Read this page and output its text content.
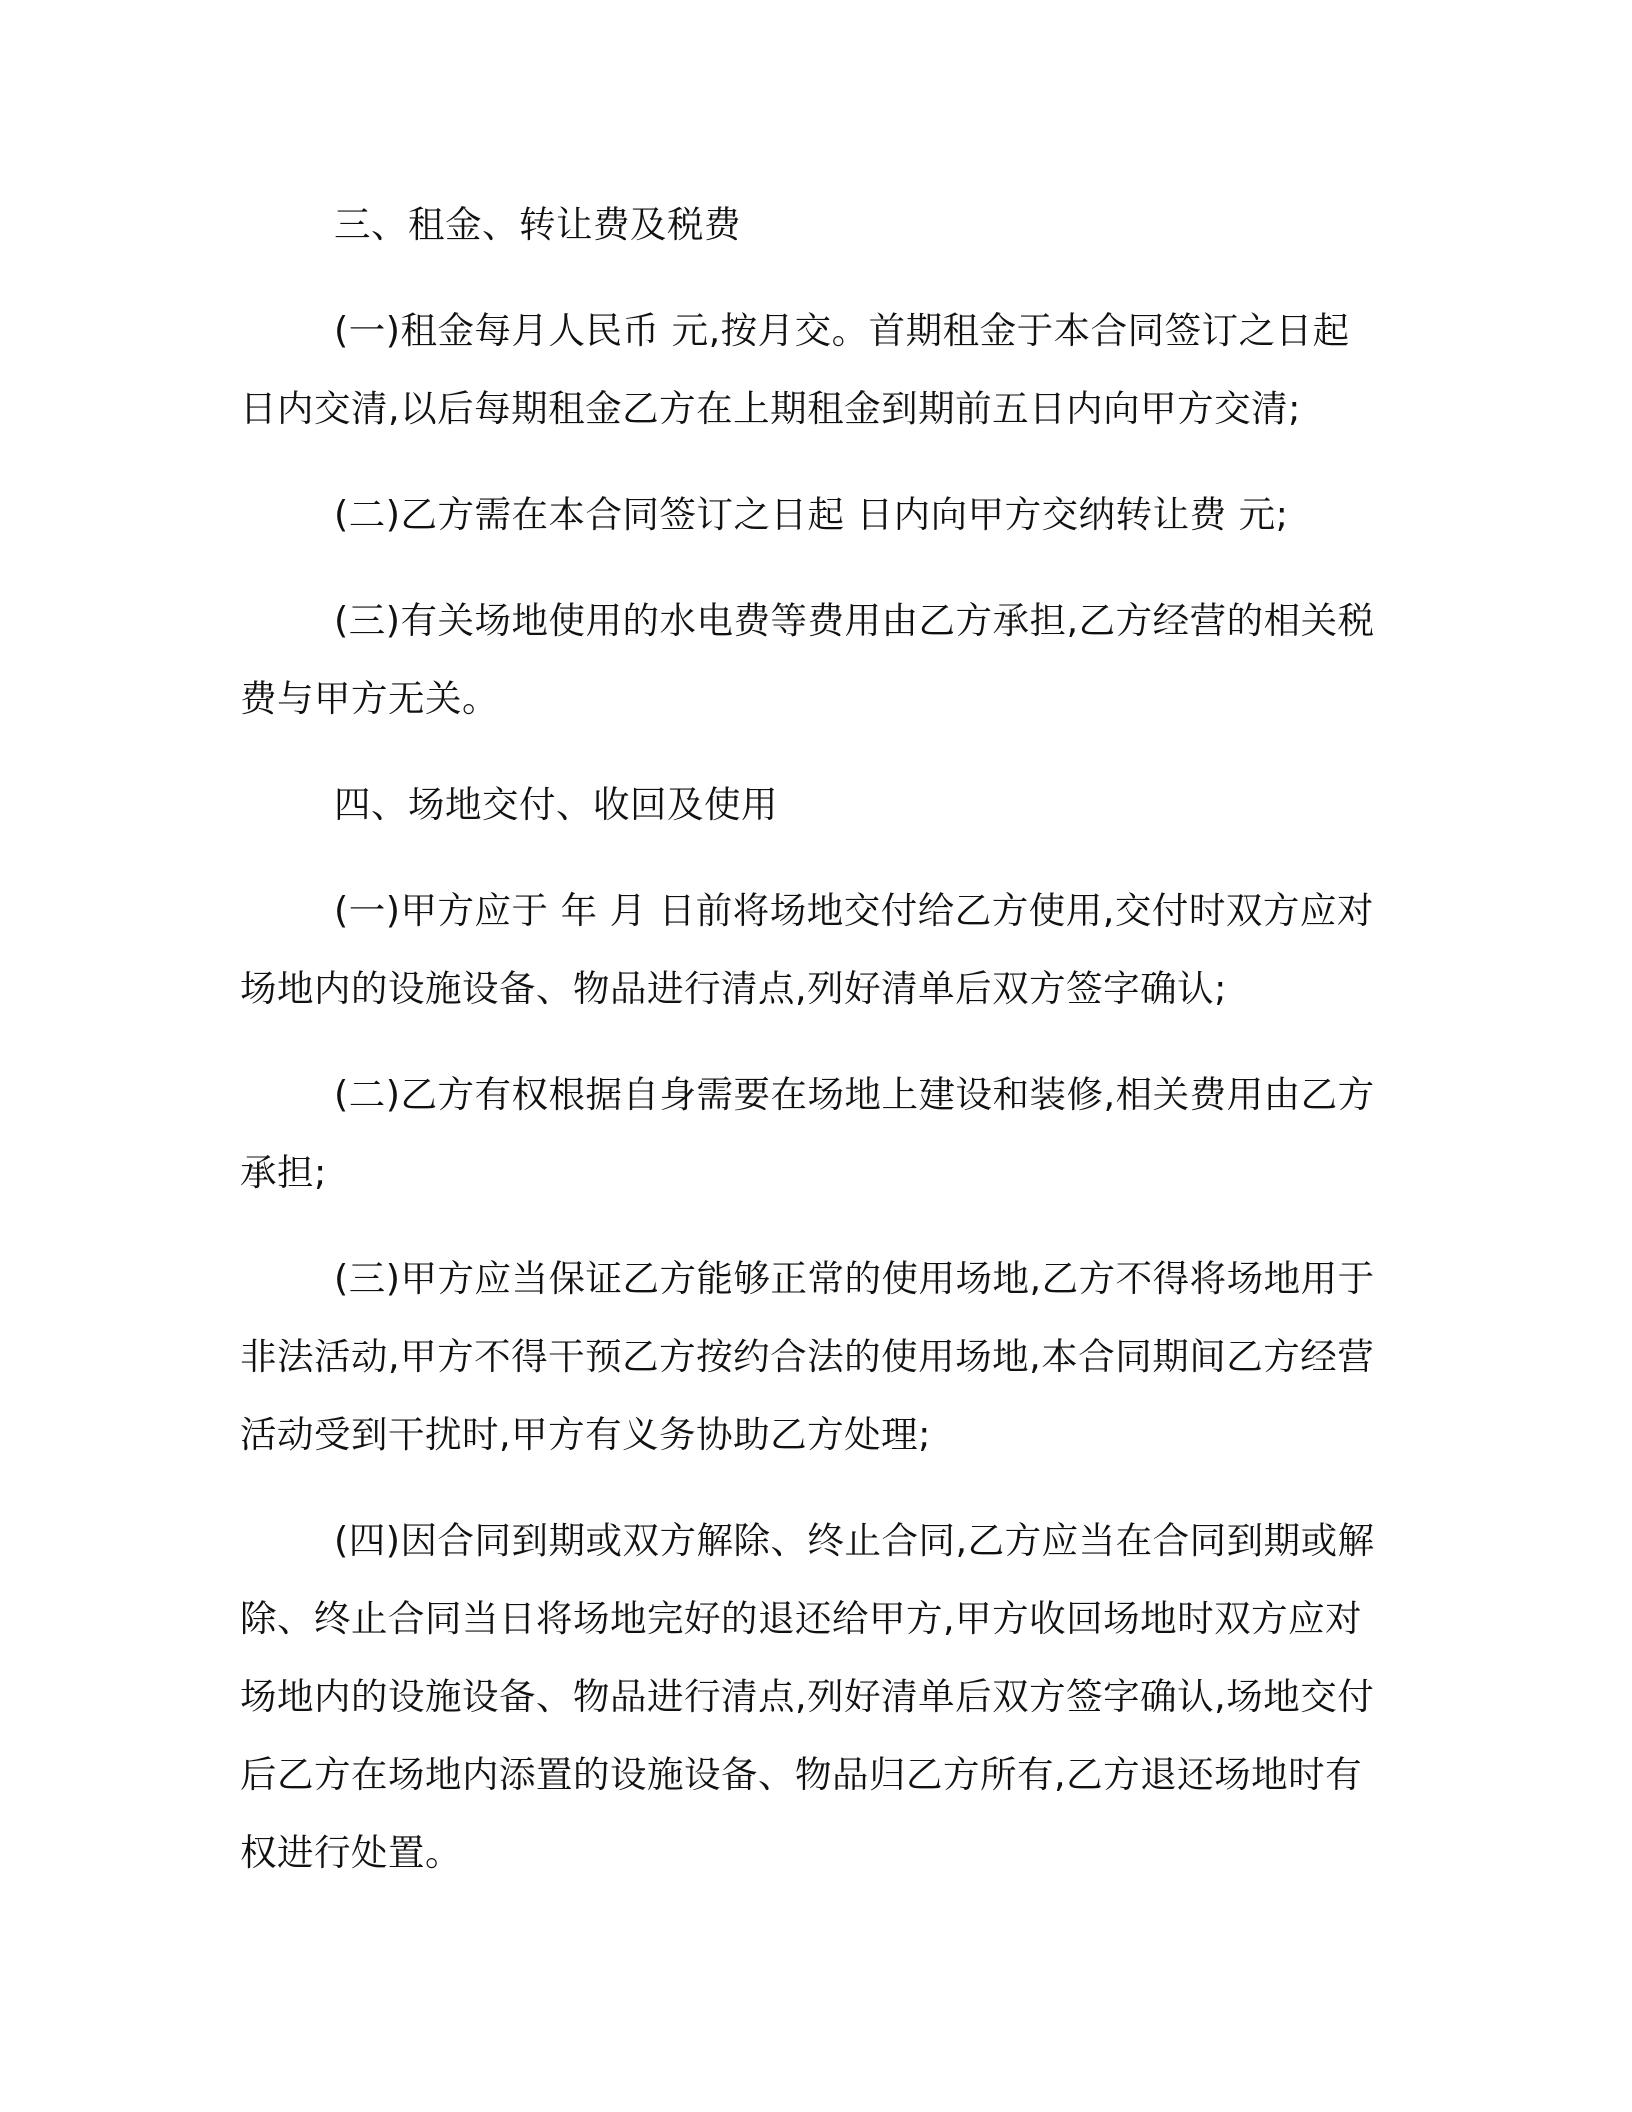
三、租金、转让费及税费

(一)租金每月人民币 元,按月交。首期租金于本合同签订之日起
日内交清,以后每期租金乙方在上期租金到期前五日内向甲方交清;

(二)乙方需在本合同签订之日起 日内向甲方交纳转让费 元;

(三)有关场地使用的水电费等费用由乙方承担,乙方经营的相关税
费与甲方无关。

四、场地交付、收回及使用

(一)甲方应于 年 月 日前将场地交付给乙方使用,交付时双方应对
场地内的设施设备、物品进行清点,列好清单后双方签字确认;

(二)乙方有权根据自身需要在场地上建设和装修,相关费用由乙方
承担;

(三)甲方应当保证乙方能够正常的使用场地,乙方不得将场地用于
非法活动,甲方不得干预乙方按约合法的使用场地,本合同期间乙方经营
活动受到干扰时,甲方有义务协助乙方处理;

(四)因合同到期或双方解除、终止合同,乙方应当在合同到期或解
除、终止合同当日将场地完好的退还给甲方,甲方收回场地时双方应对
场地内的设施设备、物品进行清点,列好清单后双方签字确认,场地交付
后乙方在场地内添置的设施设备、物品归乙方所有,乙方退还场地时有
权进行处置。
